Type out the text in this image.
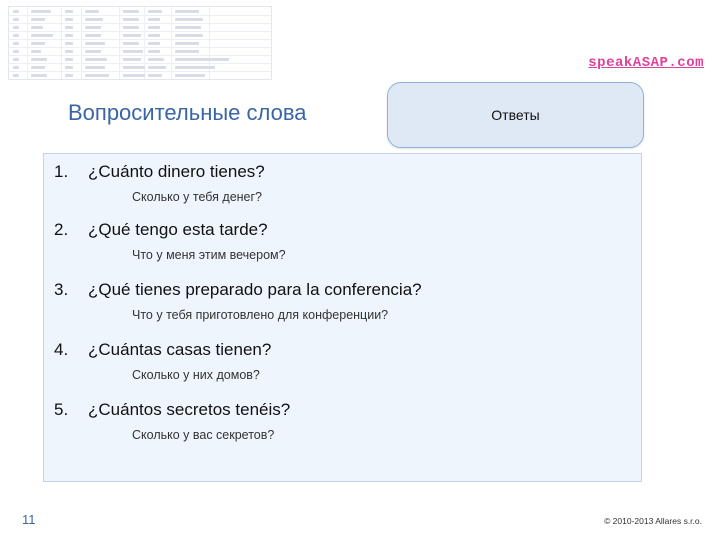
speakASAP.com
Вопросительные слова	Ответы
1. ¿Cuánto dinero tienes?
Сколько у тебя денег?
2. ¿Qué tengo esta tarde?
Что у меня этим вечером?
3. ¿Qué tienes preparado para la conferencia?
Что у тебя приготовлено для конференции?
4. ¿Cuántas casas tienen?
Сколько у них домов?
5. ¿Cuántos secretos tenéis?
Сколько у вас секретов?
11	© 2010-2013 Allares s.r.o.
